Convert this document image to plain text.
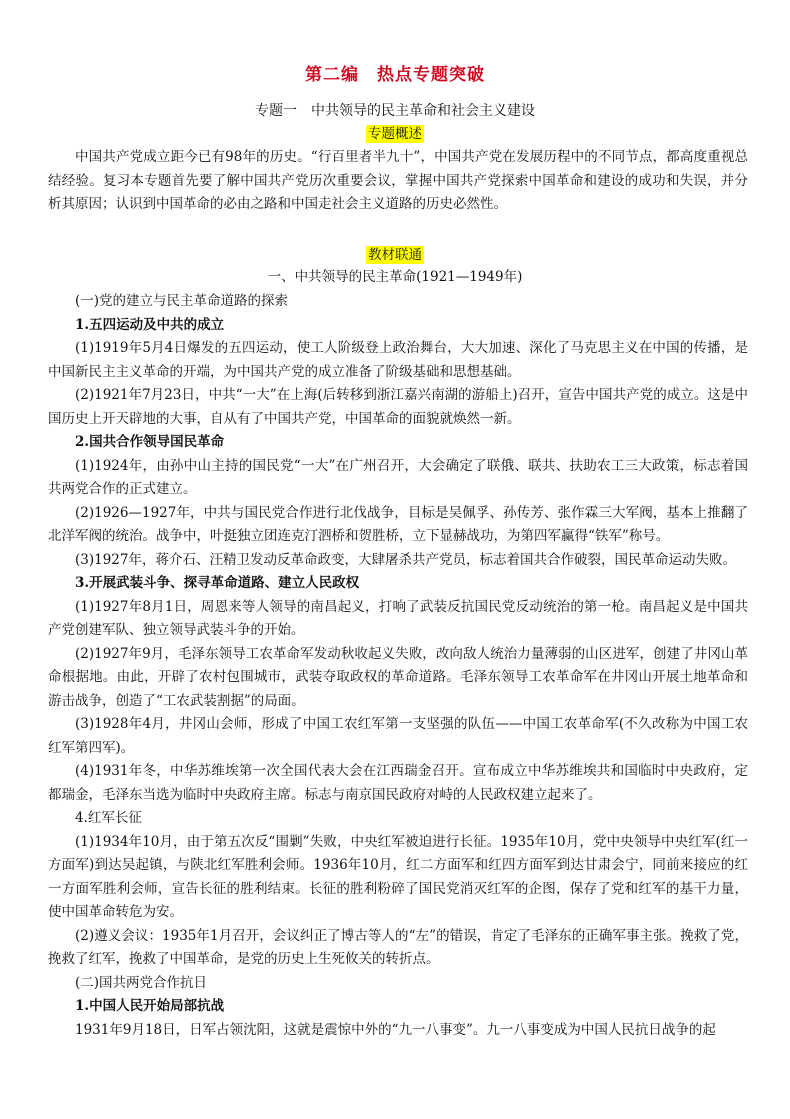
第二编　热点专题突破
专题一　中共领导的民主革命和社会主义建设
专题概述

中国共产党成立距今已有98年的历史。“行百里者半九十”，中国共产党在发展历程中的不同节点，都高度重视总结经验。复习本专题首先要了解中国共产党历次重要会议，掌握中国共产党探索中国革命和建设的成功和失误，并分析其原因；认识到中国革命的必由之路和中国走社会主义道路的历史必然性。

教材联通
一、中共领导的民主革命(1921—1949年)

(一)党的建立与民主革命道路的探索

1.五四运动及中共的成立

(1)1919年5月4日爆发的五四运动，使工人阶级登上政治舞台，大大加速、深化了马克思主义在中国的传播，是中国新民主主义革命的开端，为中国共产党的成立准备了阶级基础和思想基础。

(2)1921年7月23日，中共“一大”在上海(后转移到浙江嘉兴南湖的游船上)召开，宣告中国共产党的成立。这是中国历史上开天辟地的大事，自从有了中国共产党，中国革命的面貌就焕然一新。

2.国共合作领导国民革命

(1)1924年，由孙中山主持的国民党“一大”在广州召开，大会确定了联俄、联共、扶助农工三大政策，标志着国共两党合作的正式建立。

(2)1926—1927年，中共与国民党合作进行北伐战争，目标是吴佩孚、孙传芳、张作霖三大军阀，基本上推翻了北洋军阀的统治。战争中，叶挺独立团连克汀泗桥和贺胜桥，立下显赫战功，为第四军赢得“铁军”称号。

(3)1927年，蒋介石、汪精卫发动反革命政变，大肆屠杀共产党员，标志着国共合作破裂，国民革命运动失败。

3.开展武装斗争、探寻革命道路、建立人民政权

(1)1927年8月1日，周恩来等人领导的南昌起义，打响了武装反抗国民党反动统治的第一枪。南昌起义是中国共产党创建军队、独立领导武装斗争的开始。

(2)1927年9月，毛泽东领导工农革命军发动秋收起义失败，改向敌人统治力量薄弱的山区进军，创建了井冈山革命根据地。由此，开辟了农村包围城市，武装夺取政权的革命道路。毛泽东领导工农革命军在井冈山开展土地革命和游击战争，创造了“工农武装割据”的局面。

(3)1928年4月，井冈山会师，形成了中国工农红军第一支坚强的队伍——中国工农革命军(不久改称为中国工农红军第四军)。

(4)1931年冬，中华苏维埃第一次全国代表大会在江西瑞金召开。宣布成立中华苏维埃共和国临时中央政府，定都瑞金，毛泽东当选为临时中央政府主席。标志与南京国民政府对峙的人民政权建立起来了。

4.红军长征

(1)1934年10月，由于第五次反“围剿”失败，中央红军被迫进行长征。1935年10月，党中央领导中央红军(红一方面军)到达吴起镇，与陕北红军胜利会师。1936年10月，红二方面军和红四方面军到达甘肃会宁，同前来接应的红一方面军胜利会师，宣告长征的胜利结束。长征的胜利粉碎了国民党消灭红军的企图，保存了党和红军的基干力量，使中国革命转危为安。

(2)遵义会议：1935年1月召开，会议纠正了博古等人的“左”的错误，肯定了毛泽东的正确军事主张。挽救了党，挽救了红军，挽救了中国革命，是党的历史上生死攸关的转折点。

(二)国共两党合作抗日

1.中国人民开始局部抗战

1931年9月18日，日军占领沈阳，这就是震惊中外的“九一八事变”。九一八事变成为中国人民抗日战争的起
